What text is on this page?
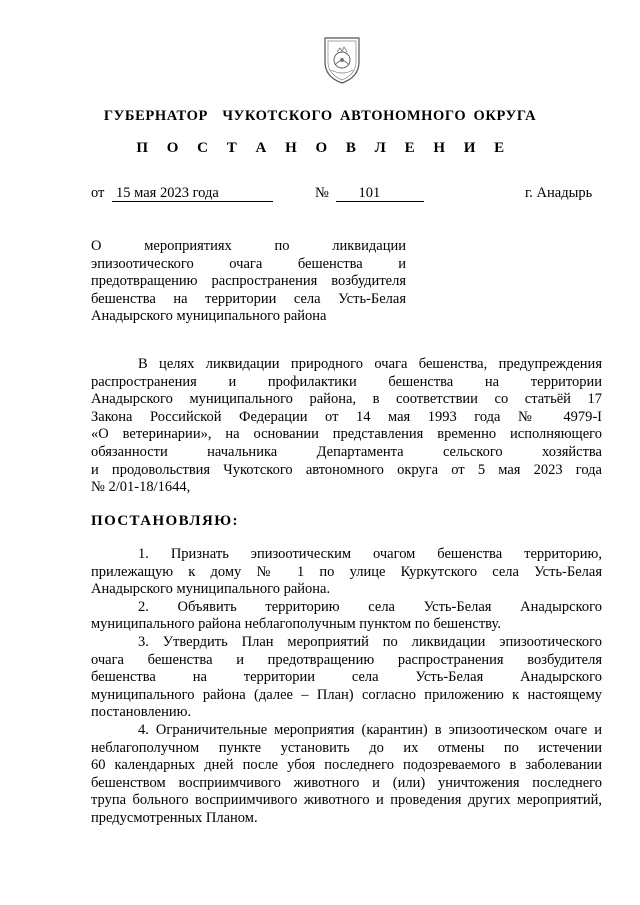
ГУБЕРНАТОР  ЧУКОТСКОГО АВТОНОМНОГО ОКРУГА
П О С Т А Н О В Л Е Н И Е
от 15 мая 2023 года	№ 101	г. Анадырь
О мероприятиях по ликвидации
эпизоотического очага бешенства и
предотвращению распространения возбудителя
бешенства на территории села Усть-Белая
Анадырского муниципального района
В целях ликвидации природного очага бешенства, предупреждения
распространения и профилактики бешенства на территории
Анадырского муниципального района, в соответствии со статьёй 17
Закона Российской Федерации от 14 мая 1993 года № 4979-I
«О ветеринарии», на основании представления временно исполняющего
обязанности начальника Департамента сельского хозяйства
и продовольствия Чукотского автономного округа от 5 мая 2023 года
№ 2/01-18/1644,
ПОСТАНОВЛЯЮ:
1. Признать эпизоотическим очагом бешенства территорию,
прилежащую к дому № 1 по улице Куркутского села Усть-Белая
Анадырского муниципального района.
2. Объявить территорию села Усть-Белая Анадырского
муниципального района неблагополучным пунктом по бешенству.
3. Утвердить План мероприятий по ликвидации эпизоотического
очага бешенства и предотвращению распространения возбудителя
бешенства на территории села Усть-Белая Анадырского
муниципального района (далее – План) согласно приложению к настоящему
постановлению.
4. Ограничительные мероприятия (карантин) в эпизоотическом очаге и
неблагополучном пункте установить до их отмены по истечении
60 календарных дней после убоя последнего подозреваемого в заболевании
бешенством восприимчивого животного и (или) уничтожения последнего
трупа больного восприимчивого животного и проведения других мероприятий,
предусмотренных Планом.
